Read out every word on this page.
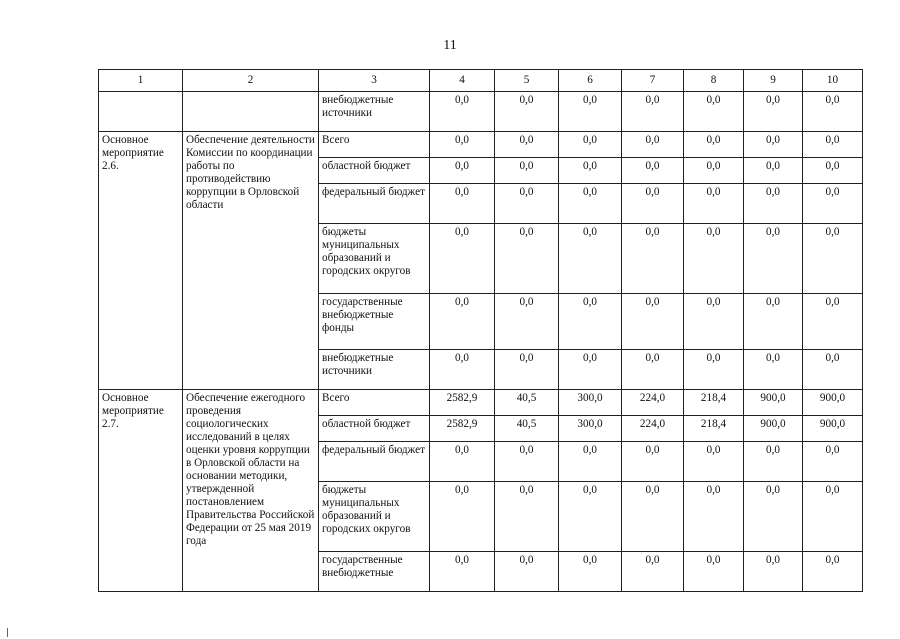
11
1	2	3	4	5	6	7	8	9	10
		внебюджетные источники	0,0	0,0	0,0	0,0	0,0	0,0	0,0
Основное мероприятие 2.6.	Обеспечение деятельности Комиссии по координации работы по противодействию коррупции в Орловской области	Всего	0,0	0,0	0,0	0,0	0,0	0,0	0,0
		областной бюджет	0,0	0,0	0,0	0,0	0,0	0,0	0,0
		федеральный бюджет	0,0	0,0	0,0	0,0	0,0	0,0	0,0
		бюджеты муниципальных образований и городских округов	0,0	0,0	0,0	0,0	0,0	0,0	0,0
		государственные внебюджетные фонды	0,0	0,0	0,0	0,0	0,0	0,0	0,0
		внебюджетные источники	0,0	0,0	0,0	0,0	0,0	0,0	0,0
Основное мероприятие 2.7.	Обеспечение ежегодного проведения социологических исследований в целях оценки уровня коррупции в Орловской области на основании методики, утвержденной постановлением Правительства Российской Федерации от 25 мая 2019 года	Всего	2582,9	40,5	300,0	224,0	218,4	900,0	900,0
		областной бюджет	2582,9	40,5	300,0	224,0	218,4	900,0	900,0
		федеральный бюджет	0,0	0,0	0,0	0,0	0,0	0,0	0,0
		бюджеты муниципальных образований и городских округов	0,0	0,0	0,0	0,0	0,0	0,0	0,0
		государственные внебюджетные	0,0	0,0	0,0	0,0	0,0	0,0	0,0
